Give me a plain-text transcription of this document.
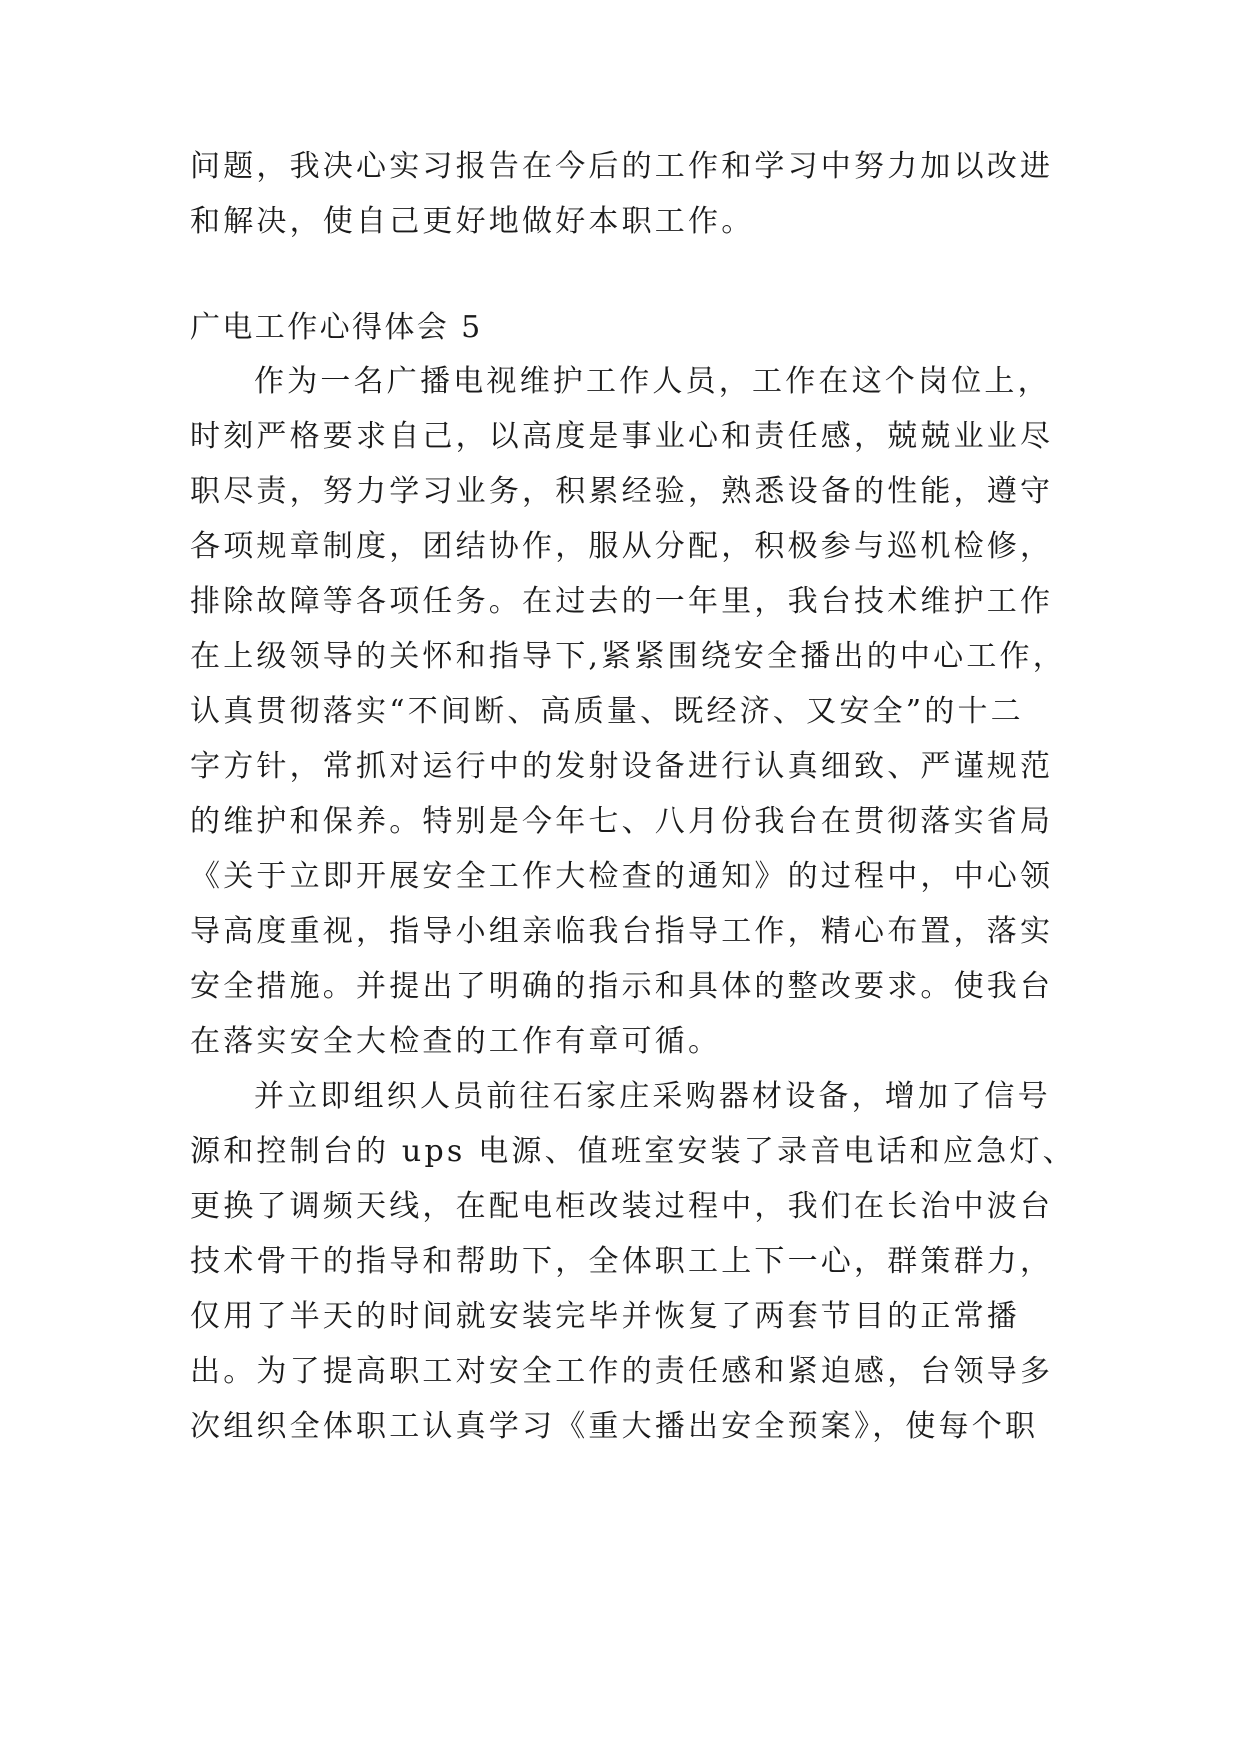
问题，我决心实习报告在今后的工作和学习中努力加以改进
和解决，使自己更好地做好本职工作。
广电工作心得体会 5
作为一名广播电视维护工作人员，工作在这个岗位上，
时刻严格要求自己，以高度是事业心和责任感，兢兢业业尽
职尽责，努力学习业务，积累经验，熟悉设备的性能，遵守
各项规章制度，团结协作，服从分配，积极参与巡机检修，
排除故障等各项任务。在过去的一年里，我台技术维护工作
在上级领导的关怀和指导下,紧紧围绕安全播出的中心工作，
认真贯彻落实“不间断、高质量、既经济、又安全”的十二
字方针，常抓对运行中的发射设备进行认真细致、严谨规范
的维护和保养。特别是今年七、八月份我台在贯彻落实省局
《关于立即开展安全工作大检查的通知》的过程中，中心领
导高度重视，指导小组亲临我台指导工作，精心布置，落实
安全措施。并提出了明确的指示和具体的整改要求。使我台
在落实安全大检查的工作有章可循。
并立即组织人员前往石家庄采购器材设备，增加了信号
源和控制台的 ups 电源、值班室安装了录音电话和应急灯、
更换了调频天线，在配电柜改装过程中，我们在长治中波台
技术骨干的指导和帮助下，全体职工上下一心，群策群力，
仅用了半天的时间就安装完毕并恢复了两套节目的正常播
出。为了提高职工对安全工作的责任感和紧迫感，台领导多
次组织全体职工认真学习《重大播出安全预案》，使每个职
